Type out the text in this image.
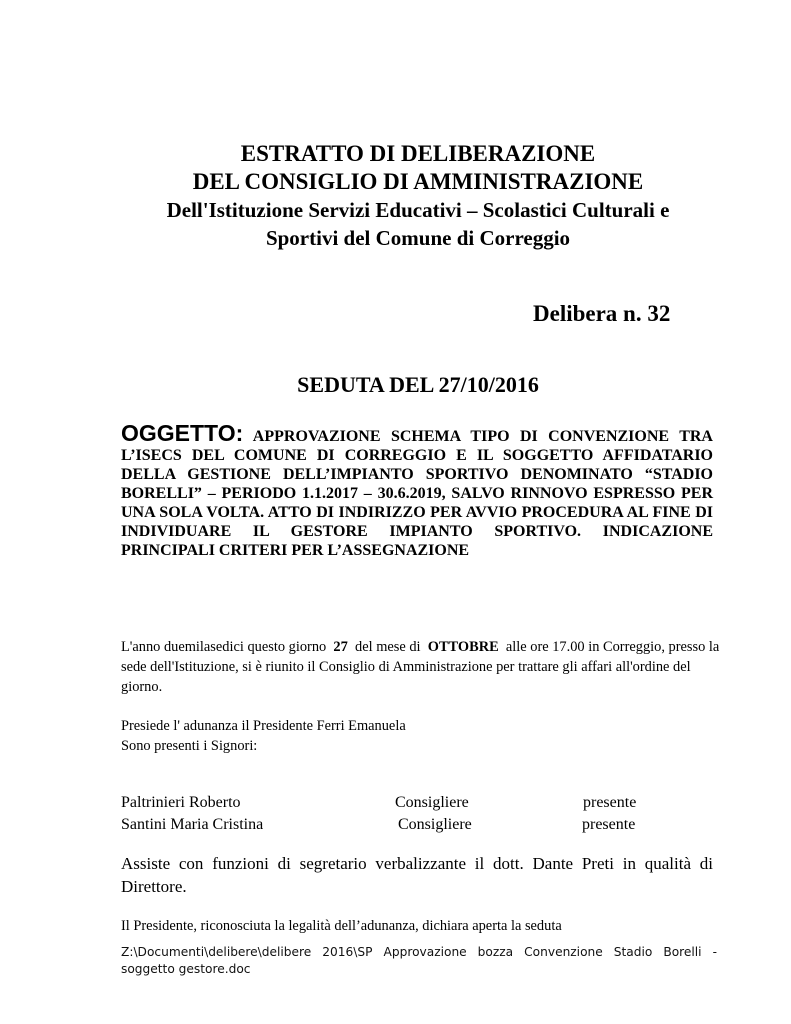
ESTRATTO DI DELIBERAZIONE
DEL CONSIGLIO DI AMMINISTRAZIONE
Dell'Istituzione Servizi Educativi – Scolastici Culturali e
Sportivi del Comune di Correggio
Delibera n. 32
SEDUTA DEL 27/10/2016
OGGETTO: APPROVAZIONE SCHEMA TIPO DI CONVENZIONE TRA L’ISECS DEL COMUNE DI CORREGGIO E IL SOGGETTO AFFIDATARIO DELLA GESTIONE DELL’IMPIANTO SPORTIVO DENOMINATO “STADIO BORELLI” – PERIODO 1.1.2017 – 30.6.2019, SALVO RINNOVO ESPRESSO PER UNA SOLA VOLTA. ATTO DI INDIRIZZO PER AVVIO PROCEDURA AL FINE DI INDIVIDUARE IL GESTORE IMPIANTO SPORTIVO. INDICAZIONE PRINCIPALI CRITERI PER L’ASSEGNAZIONE
L'anno duemilasedici questo giorno 27 del mese di OTTOBRE alle ore 17.00 in Correggio, presso la sede dell'Istituzione, si è riunito il Consiglio di Amministrazione per trattare gli affari all'ordine del giorno.
Presiede l' adunanza il Presidente Ferri Emanuela
Sono presenti i Signori:
Paltrinieri Roberto	Consigliere	presente
Santini Maria Cristina	Consigliere	presente
Assiste con funzioni di segretario verbalizzante il dott. Dante Preti in qualità di Direttore.
Il Presidente, riconosciuta la legalità dell’adunanza, dichiara aperta la seduta
Z:\Documenti\delibere\delibere 2016\SP Approvazione bozza Convenzione Stadio Borelli - soggetto gestore.doc
